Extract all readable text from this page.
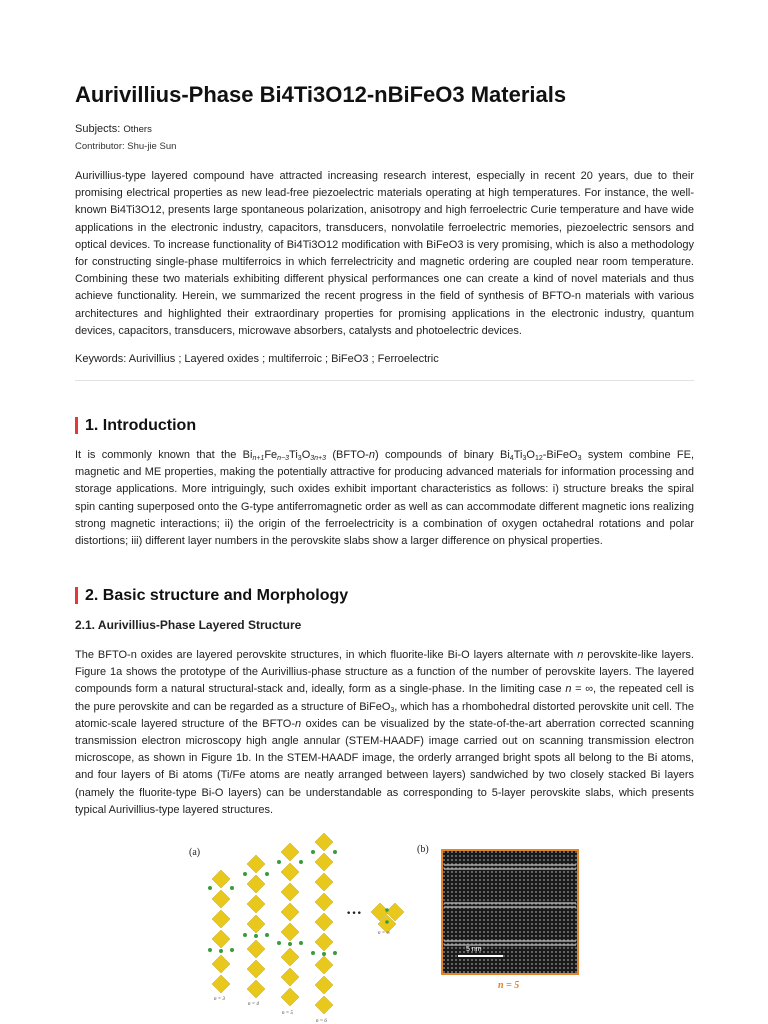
Aurivillius-Phase Bi4Ti3O12-nBiFeO3 Materials
Subjects: Others
Contributor: Shu-jie Sun

Aurivillius-type layered compound have attracted increasing research interest, especially in recent 20 years, due to their promising electrical properties as new lead-free piezoelectric materials operating at high temperatures. For instance, the well-known Bi4Ti3O12, presents large spontaneous polarization, anisotropy and high ferroelectric Curie temperature and have wide applications in the electronic industry, capacitors, transducers, nonvolatile ferroelectric memories, piezoelectric sensors and optical devices. To increase functionality of Bi4Ti3O12 modification with BiFeO3 is very promising, which is also a methodology for constructing single-phase multiferroics in which ferrelectricity and magnetic ordering are coupled near room temperature. Combining these two materials exhibiting different physical performances one can create a kind of novel materials and thus achieve functionality. Herein, we summarized the recent progress in the field of synthesis of BFTO-n materials with various architectures and highlighted their extraordinary properties for promising applications in the electronic industry, quantum devices, capacitors, transducers, microwave absorbers, catalysts and photoelectric devices.

Keywords: Aurivillius ; Layered oxides ; multiferroic ; BiFeO3 ; Ferroelectric
1. Introduction

It is commonly known that the $Bi_{n+1}Fe_{n-3}Ti_3O_{3n+3}$ (BFTO-n) compounds of binary $Bi_4Ti_3O_{12}-BiFeO_3$ system combine FE, magnetic and ME properties, making the potentially attractive for producing advanced materials for information processing and storage applications. More intriguingly, such oxides exhibit important characteristics as follows: i) structure breaks the spiral spin canting superposed onto the G-type antiferromagnetic order as well as can accommodate different magnetic ions realizing strong magnetic interactions; ii) the origin of the ferroelectricity is a combination of oxygen octahedral rotations and polar distortions; iii) different layer numbers in the perovskite slabs show a larger difference on physical properties.

2. Basic structure and Morphology
2.1. Aurivillius-Phase Layered Structure

The BFTO-n oxides are layered perovskite structures, in which fluorite-like Bi-O layers alternate with n perovskite-like layers. Figure 1a shows the prototype of the Aurivillius-phase structure as a function of the number of perovskite layers. The layered compounds form a natural structural-stack and, ideally, form as a single-phase. In the limiting case n = ∞, the repeated cell is the pure perovskite and can be regarded as a structure of BiFeO$_3$, which has a rhombohedral distorted perovskite unit cell. The atomic-scale layered structure of the BFTO-n oxides can be visualized by the state-of-the-art aberration corrected scanning transmission electron microscopy high angle annular (STEM-HAADF) image carried out on scanning transmission electron microscope, as shown in Figure 1b. In the STEM-HAADF image, the orderly arranged bright spots all belong to the Bi atoms, and four layers of Bi atoms (Ti/Fe atoms are neatly arranged between layers) sandwiched by two closely stacked Bi layers (namely the fluorite-type Bi-O layers) can be understandable as corresponding to 5-layer perovskite slabs, which presents typical Aurivillius-type layered structures.

(a)	(b)
n = 3
n = 4
n = 5
n = 6
···
n = ∞
5 nm
n = 5
